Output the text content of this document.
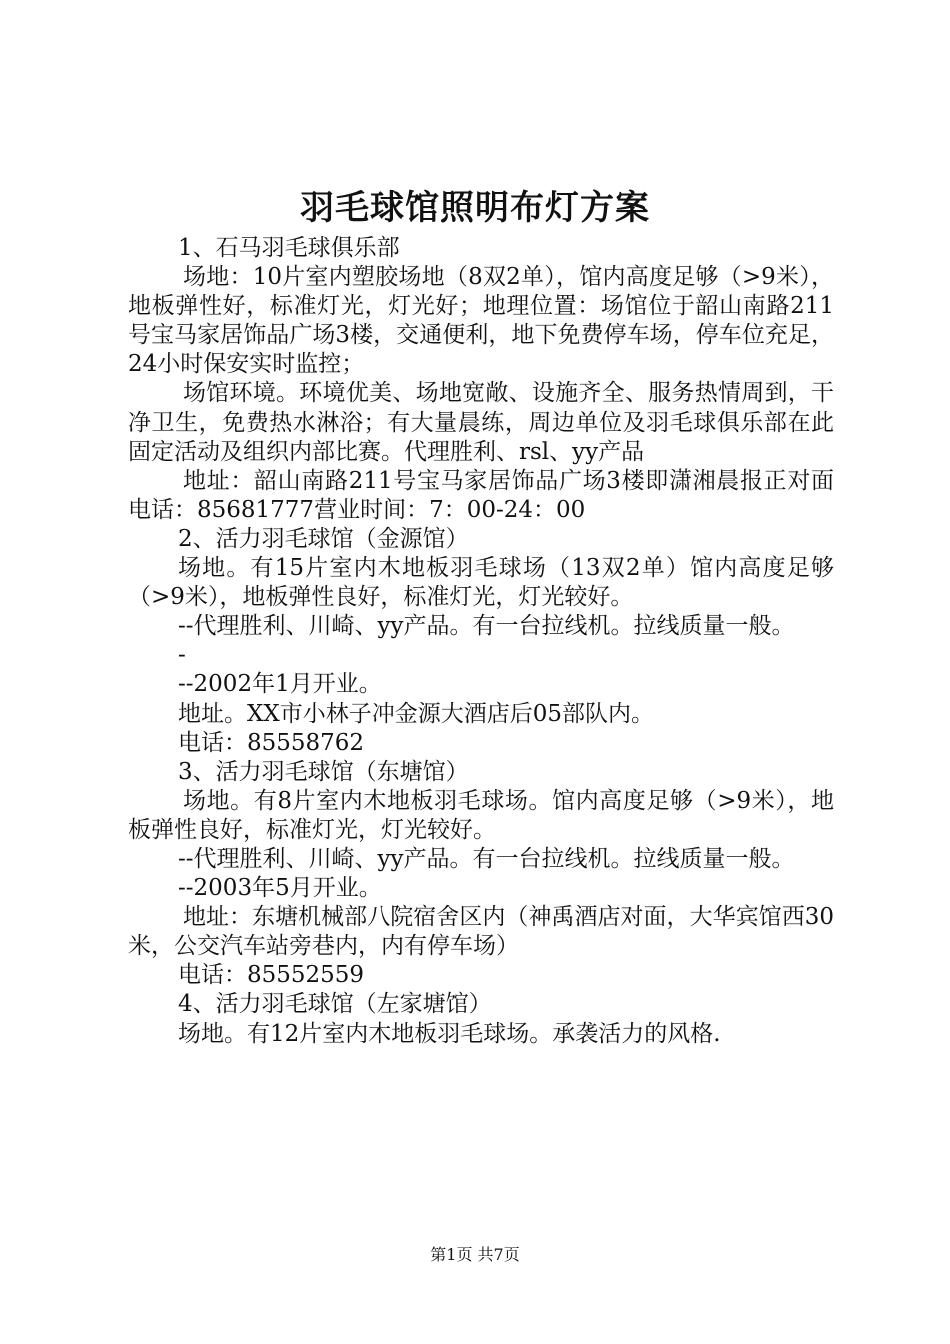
羽毛球馆照明布灯方案

1、石马羽毛球俱乐部

场地：10片室内塑胶场地（8双2单），馆内高度足够（>9米），地板弹性好，标准灯光，灯光好；地理位置：场馆位于韶山南路211号宝马家居饰品广场3楼，交通便利，地下免费停车场，停车位充足，24小时保安实时监控；

场馆环境。环境优美、场地宽敞、设施齐全、服务热情周到，干净卫生，免费热水淋浴；有大量晨练，周边单位及羽毛球俱乐部在此固定活动及组织内部比赛。代理胜利、rsl、yy产品

地址：韶山南路211号宝马家居饰品广场3楼即潇湘晨报正对面电话：85681777营业时间：7：00-24：00

2、活力羽毛球馆（金源馆）

场地。有15片室内木地板羽毛球场（13双2单）馆内高度足够（>9米），地板弹性良好，标准灯光，灯光较好。

--代理胜利、川崎、yy产品。有一台拉线机。拉线质量一般。

-

--2002年1月开业。

地址。XX市小林子冲金源大酒店后05部队内。

电话：85558762

3、活力羽毛球馆（东塘馆）

场地。有8片室内木地板羽毛球场。馆内高度足够（>9米），地板弹性良好，标准灯光，灯光较好。

--代理胜利、川崎、yy产品。有一台拉线机。拉线质量一般。

--2003年5月开业。

地址：东塘机械部八院宿舍区内（神禹酒店对面，大华宾馆西30米，公交汽车站旁巷内，内有停车场）

电话：85552559

4、活力羽毛球馆（左家塘馆）

场地。有12片室内木地板羽毛球场。承袭活力的风格.

第1页 共7页
